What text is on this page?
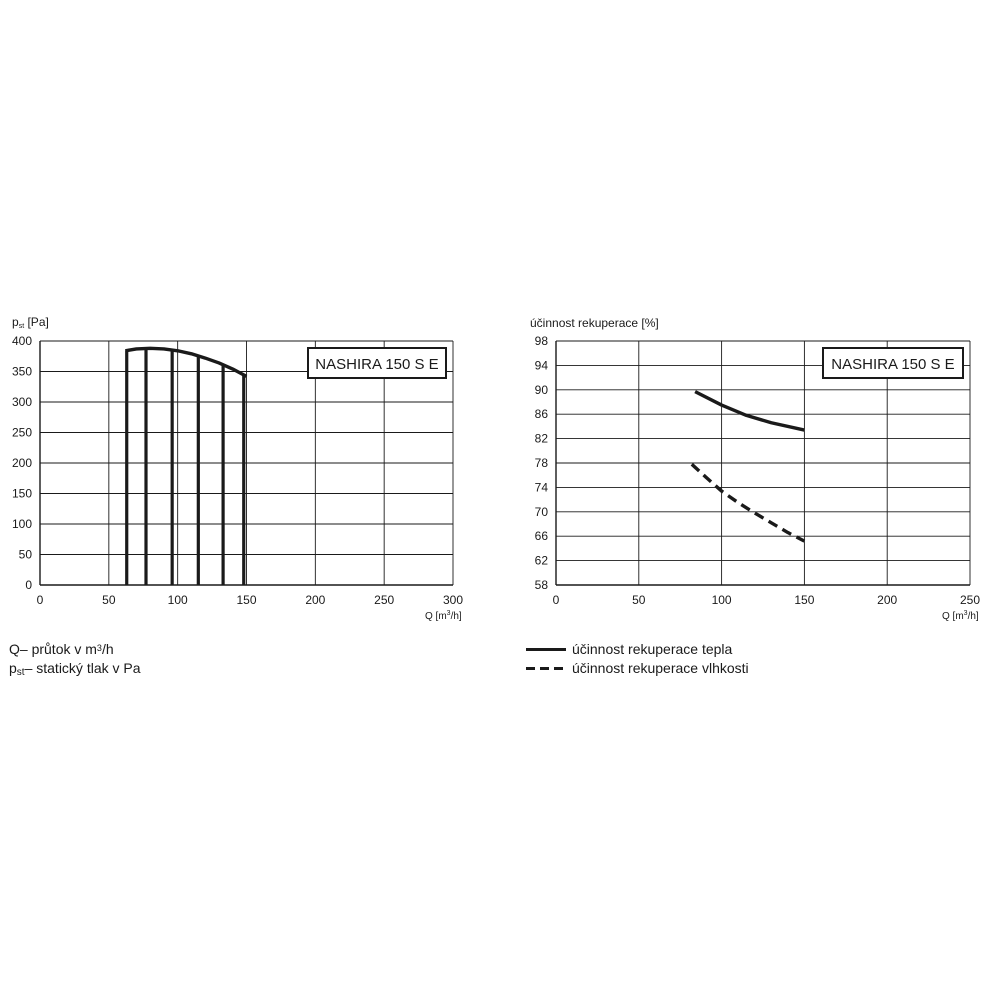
0	50	100	150	200	250	300
0
50
100
150
200
250
300
350
400
Q $[m^3/h]$
pst [Pa]
NASHIRA 150 S E
0	50	100	150	200	250
58
62
66
70
74
78
82
86
90
94
98
Q $[m^3/h]$
účinnost rekuperace [%]
NASHIRA 150 S E
Q – průtok v $m^3$ /h
$p_{st}$ – statický tlak v Pa
účinnost rekuperace tepla
účinnost rekuperace vlhkosti
